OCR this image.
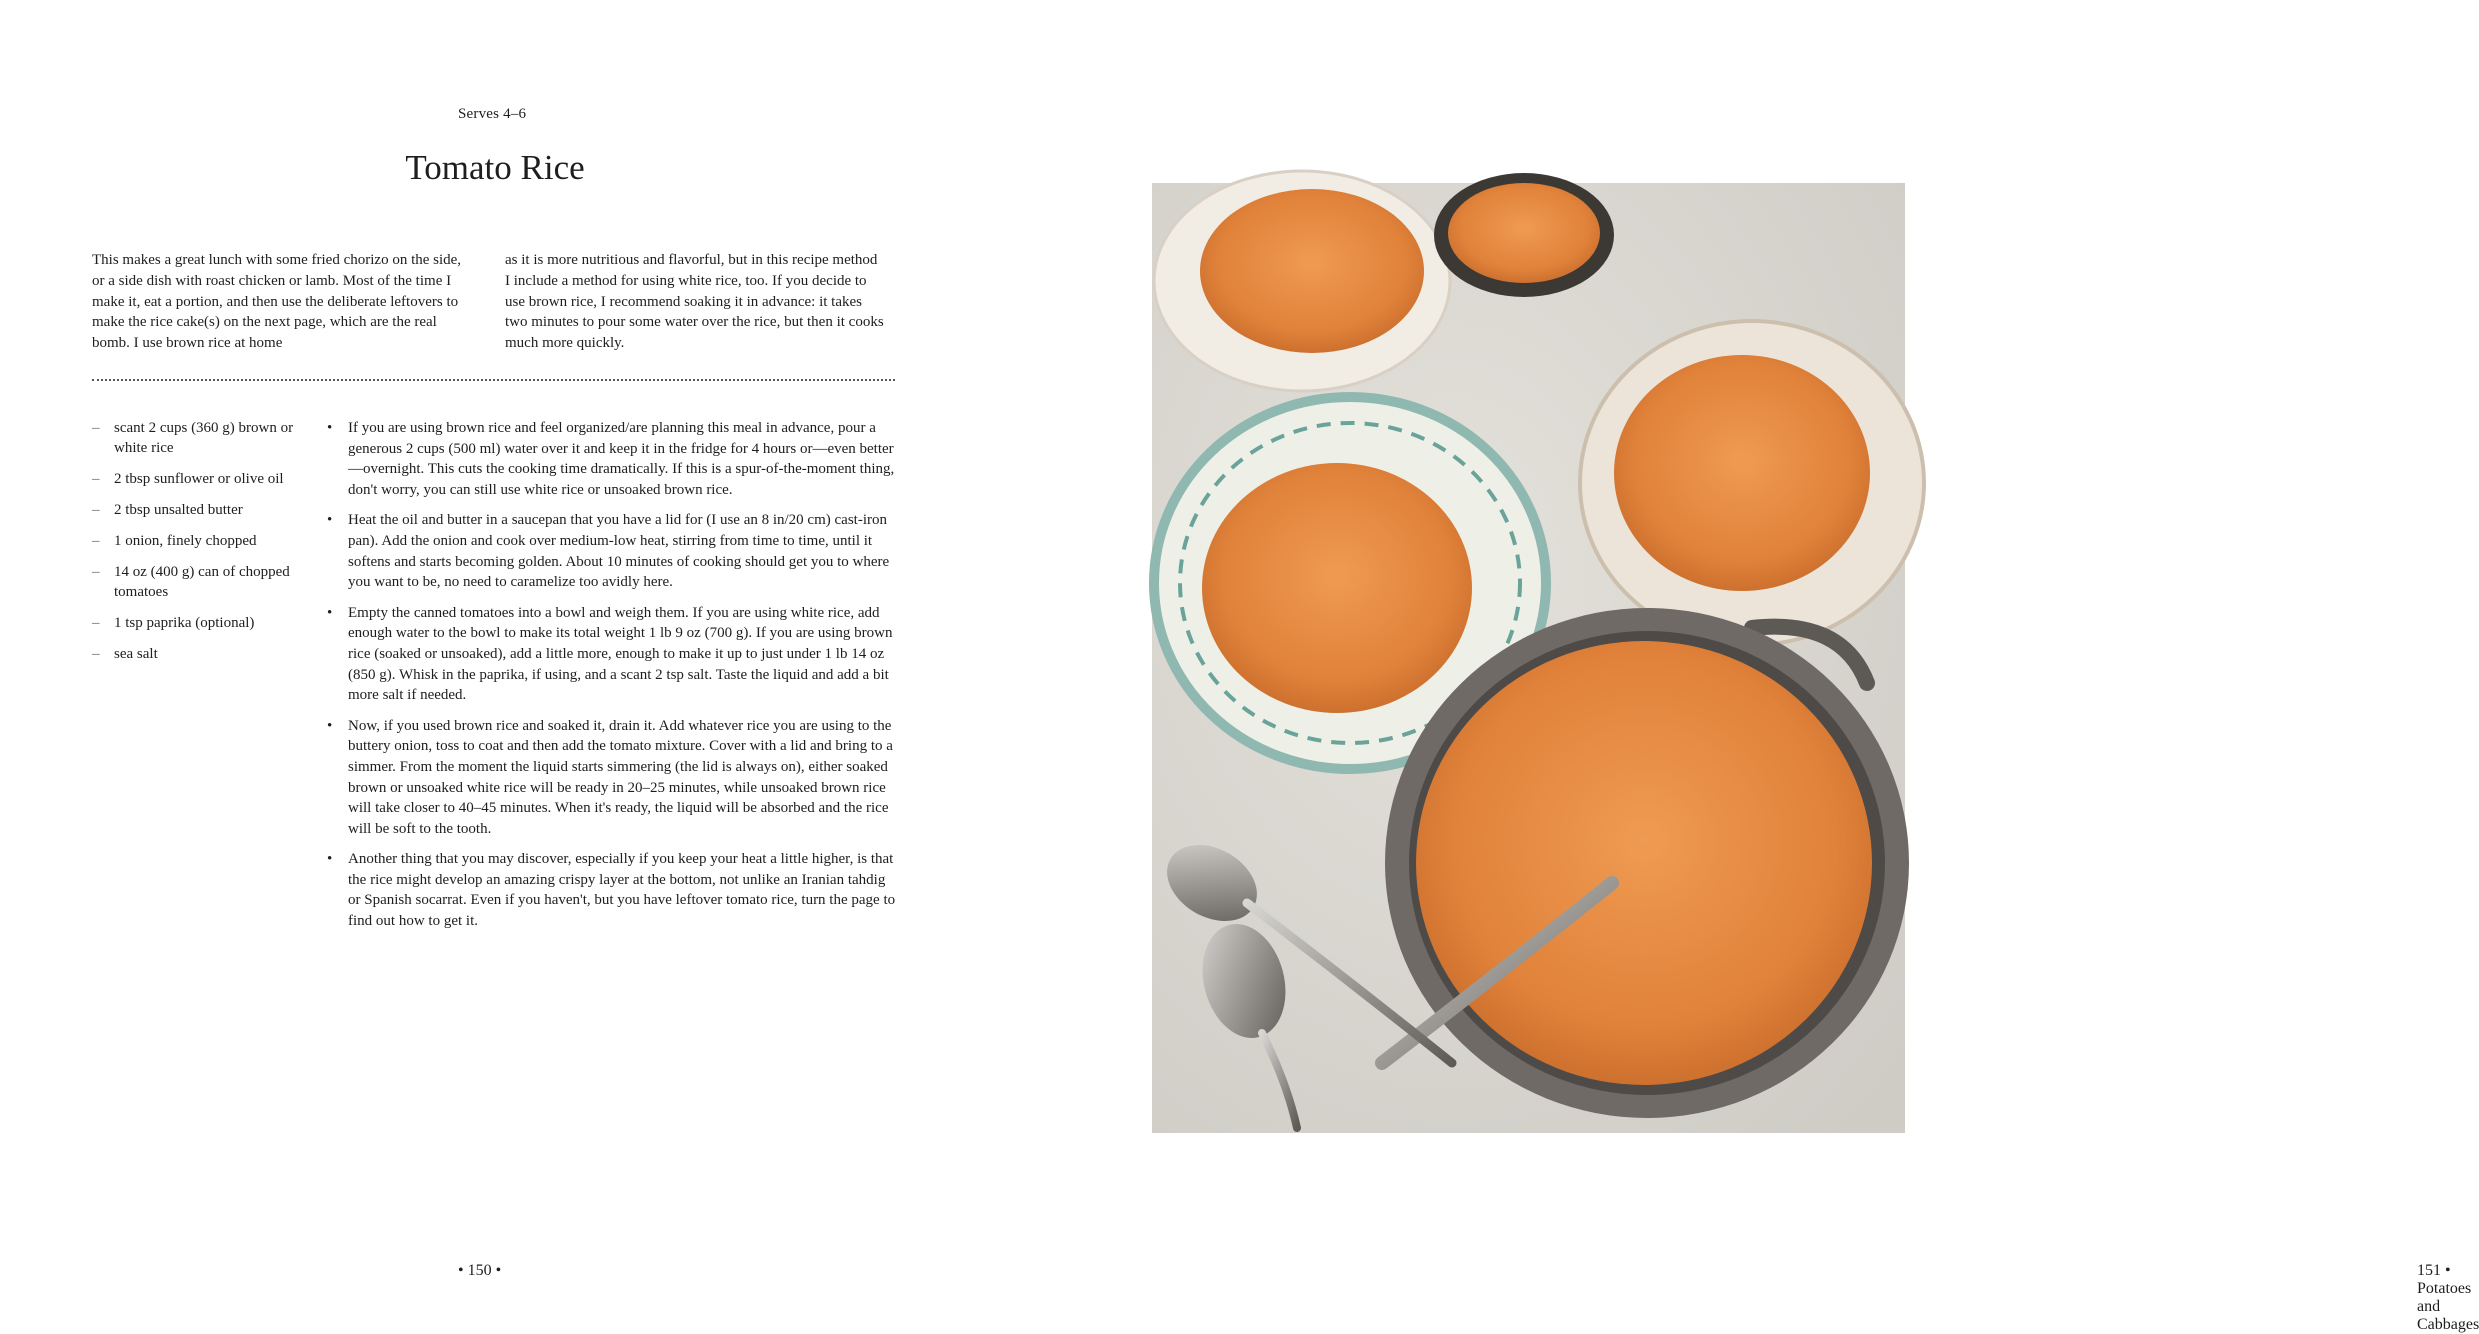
Serves 4–6
Tomato Rice

This makes a great lunch with some fried chorizo on the side, or a side dish with roast chicken or lamb. Most of the time I make it, eat a portion, and then use the deliberate leftovers to make the rice cake(s) on the next page, which are the real bomb. I use brown rice at home

as it is more nutritious and flavorful, but in this recipe method I include a method for using white rice, too. If you decide to use brown rice, I recommend soaking it in advance: it takes two minutes to pour some water over the rice, but then it cooks much more quickly.

– scant 2 cups (360 g) brown or white rice
– 2 tbsp sunflower or olive oil
– 2 tbsp unsalted butter
– 1 onion, finely chopped
– 14 oz (400 g) can of chopped tomatoes
– 1 tsp paprika (optional)
– sea salt
• If you are using brown rice and feel organized/are planning this meal in advance, pour a generous 2 cups (500 ml) water over it and keep it in the fridge for 4 hours or—even better—overnight. This cuts the cooking time dramatically. If this is a spur-of-the-moment thing, don't worry, you can still use white rice or unsoaked brown rice.
• Heat the oil and butter in a saucepan that you have a lid for (I use an 8 in/20 cm) cast-iron pan). Add the onion and cook over medium-low heat, stirring from time to time, until it softens and starts becoming golden. About 10 minutes of cooking should get you to where you want to be, no need to caramelize too avidly here.
• Empty the canned tomatoes into a bowl and weigh them. If you are using white rice, add enough water to the bowl to make its total weight 1 lb 9 oz (700 g). If you are using brown rice (soaked or unsoaked), add a little more, enough to make it up to just under 1 lb 14 oz (850 g). Whisk in the paprika, if using, and a scant 2 tsp salt. Taste the liquid and add a bit more salt if needed.
• Now, if you used brown rice and soaked it, drain it. Add whatever rice you are using to the buttery onion, toss to coat and then add the tomato mixture. Cover with a lid and bring to a simmer. From the moment the liquid starts simmering (the lid is always on), either soaked brown or unsoaked white rice will be ready in 20–25 minutes, while unsoaked brown rice will take closer to 40–45 minutes. When it's ready, the liquid will be absorbed and the rice will be soft to the tooth.
• Another thing that you may discover, especially if you keep your heat a little higher, is that the rice might develop an amazing crispy layer at the bottom, not unlike an Iranian tahdig or Spanish socarrat. Even if you haven't, but you have leftover tomato rice, turn the page to find out how to get it.
• 150 •	151 • Potatoes and Cabbages
